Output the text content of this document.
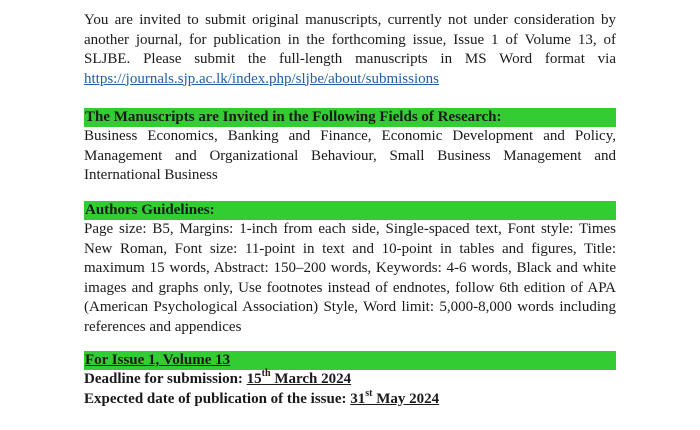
You are invited to submit original manuscripts, currently not under consideration by another journal, for publication in the forthcoming issue, Issue 1 of Volume 13, of SLJBE. Please submit the full-length manuscripts in MS Word format via https://journals.sjp.ac.lk/index.php/sljbe/about/submissions

The Manuscripts are Invited in the Following Fields of Research:

Business Economics, Banking and Finance, Economic Development and Policy, Management and Organizational Behaviour, Small Business Management and International Business

Authors Guidelines:

Page size: B5, Margins: 1-inch from each side, Single-spaced text, Font style: Times New Roman, Font size: 11-point in text and 10-point in tables and figures, Title: maximum 15 words, Abstract: 150–200 words, Keywords: 4-6 words, Black and white images and graphs only, Use footnotes instead of endnotes, follow 6th edition of APA (American Psychological Association) Style, Word limit: 5,000-8,000 words including references and appendices

For Issue 1, Volume 13

Deadline for submission: 15th March 2024

Expected date of publication of the issue: 31st May 2024
